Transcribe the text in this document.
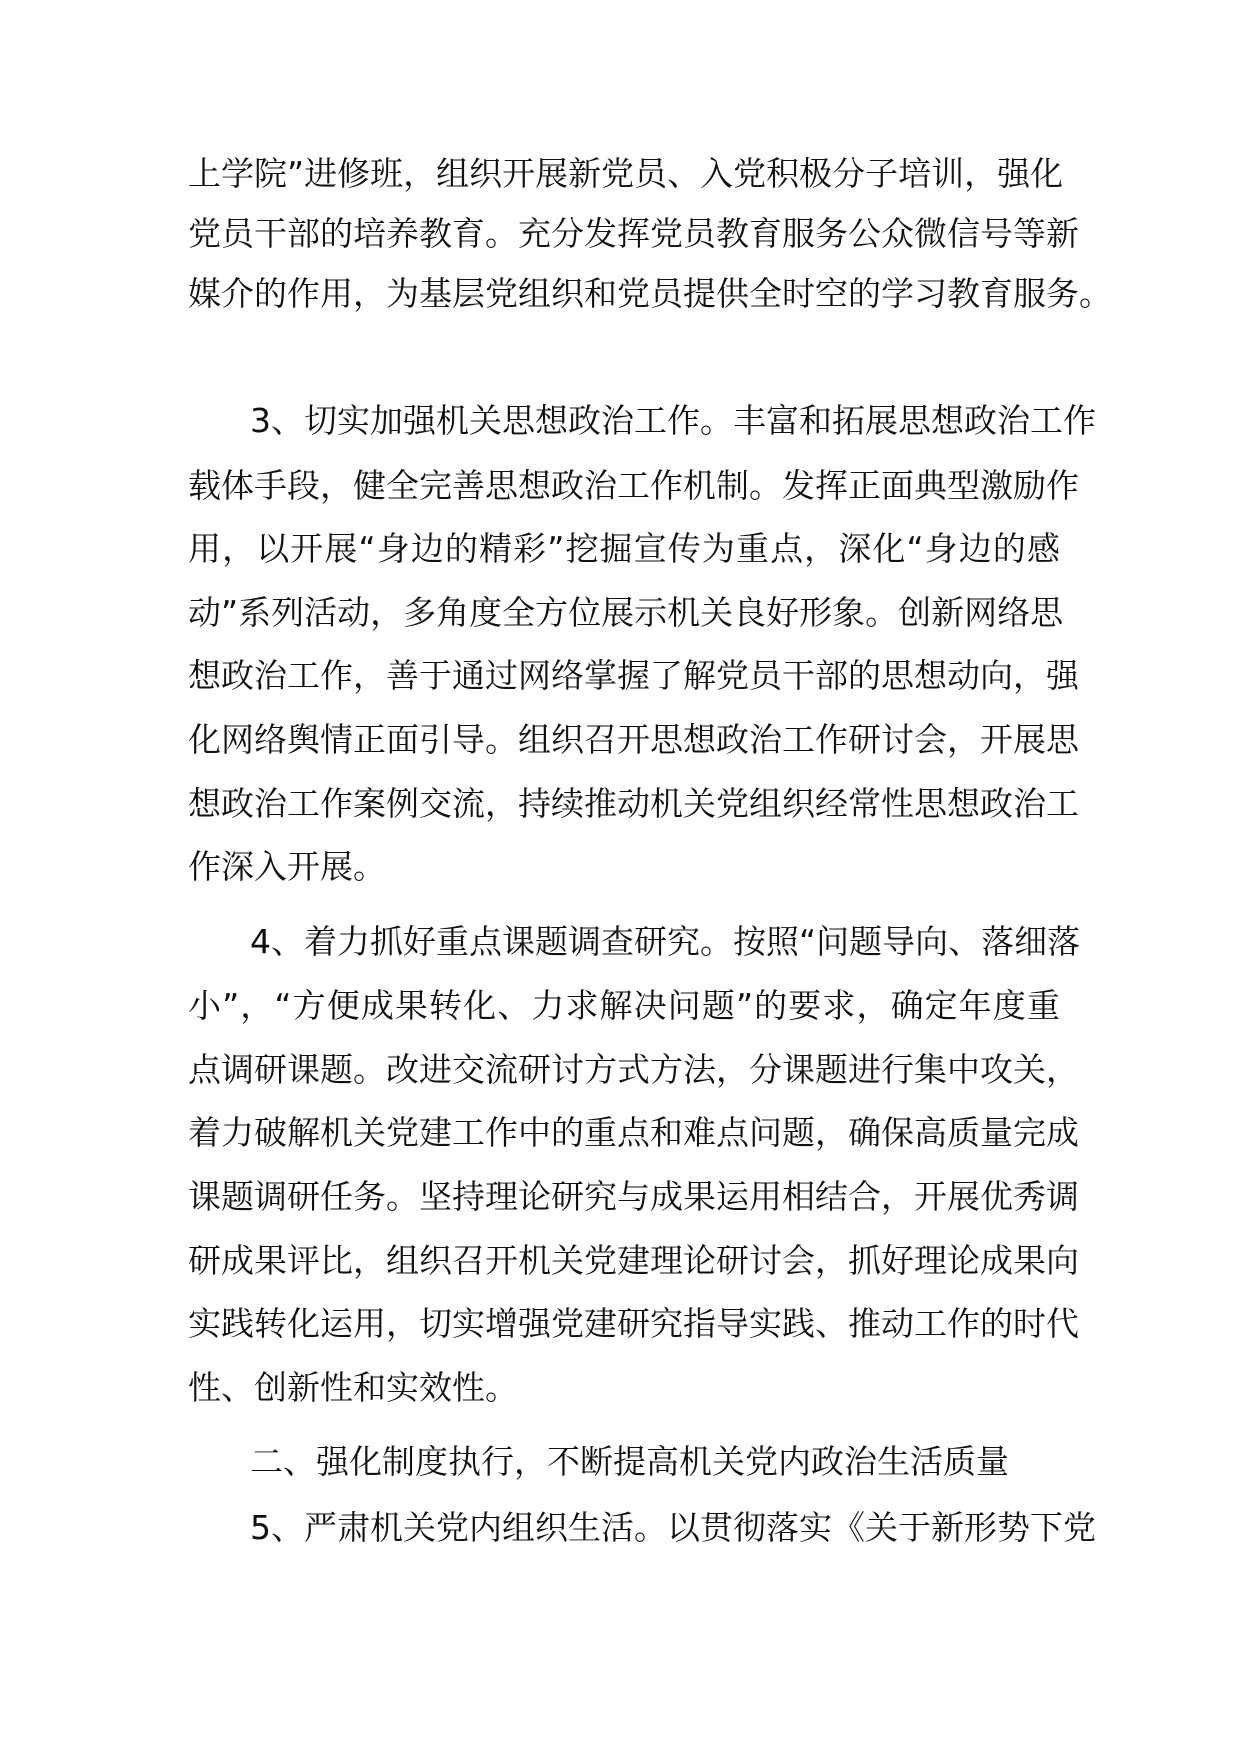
上学院”进修班，组织开展新党员、入党积极分子培训，强化
党员干部的培养教育。充分发挥党员教育服务公众微信号等新
媒介的作用，为基层党组织和党员提供全时空的学习教育服务。
3、切实加强机关思想政治工作。丰富和拓展思想政治工作
载体手段，健全完善思想政治工作机制。发挥正面典型激励作
用，以开展“身边的精彩”挖掘宣传为重点，深化“身边的感
动”系列活动，多角度全方位展示机关良好形象。创新网络思
想政治工作，善于通过网络掌握了解党员干部的思想动向，强
化网络舆情正面引导。组织召开思想政治工作研讨会，开展思
想政治工作案例交流，持续推动机关党组织经常性思想政治工
作深入开展。
4、着力抓好重点课题调查研究。按照“问题导向、落细落
小”，“方便成果转化、力求解决问题”的要求，确定年度重
点调研课题。改进交流研讨方式方法，分课题进行集中攻关，
着力破解机关党建工作中的重点和难点问题，确保高质量完成
课题调研任务。坚持理论研究与成果运用相结合，开展优秀调
研成果评比，组织召开机关党建理论研讨会，抓好理论成果向
实践转化运用，切实增强党建研究指导实践、推动工作的时代
性、创新性和实效性。
二、强化制度执行，不断提高机关党内政治生活质量
5、严肃机关党内组织生活。以贯彻落实《关于新形势下党
